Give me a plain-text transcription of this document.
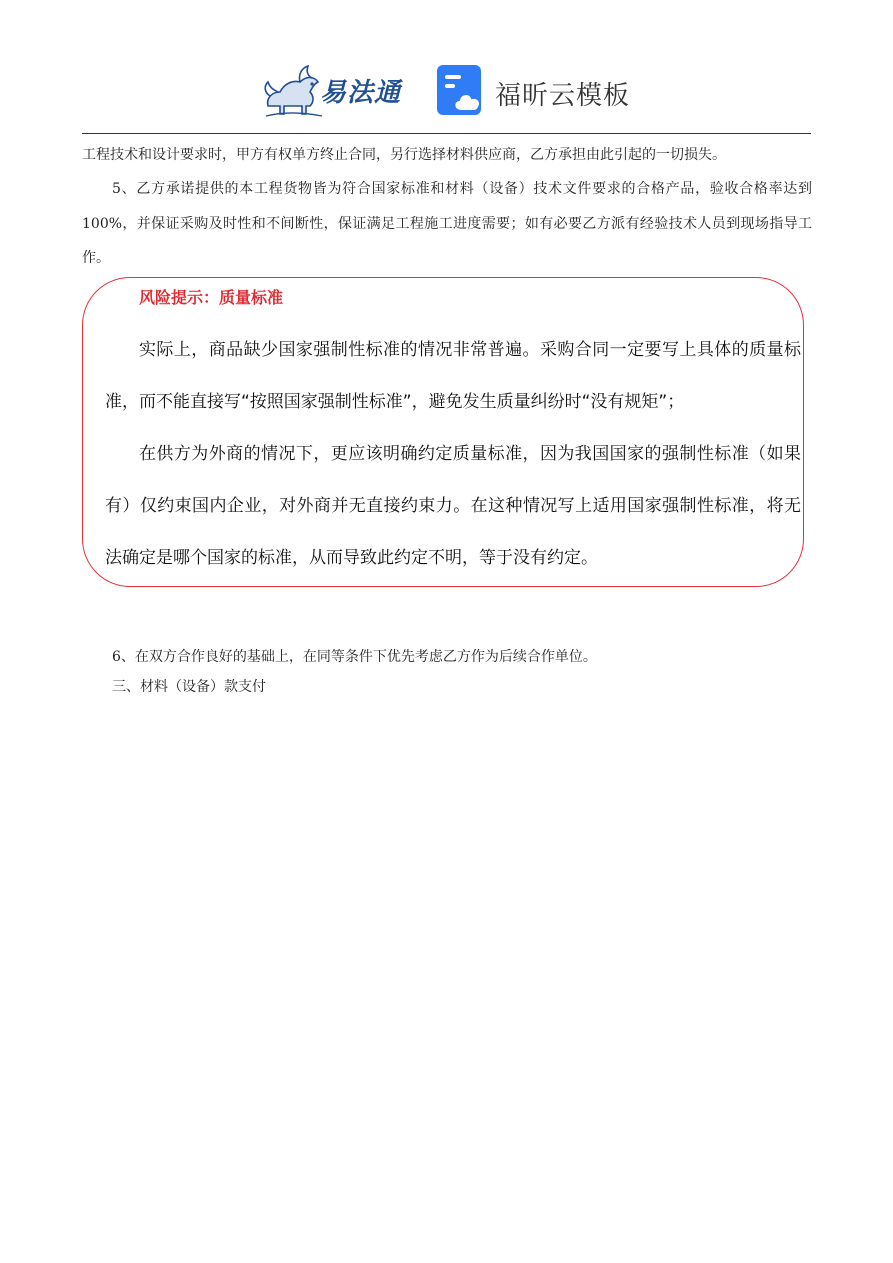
易法通	福昕云模板

工程技术和设计要求时，甲方有权单方终止合同，另行选择材料供应商，乙方承担由此引起的一切损失。

5、乙方承诺提供的本工程货物皆为符合国家标准和材料（设备）技术文件要求的合格产品，验收合格率达到100%，并保证采购及时性和不间断性，保证满足工程施工进度需要；如有必要乙方派有经验技术人员到现场指导工作。

风险提示：质量标准

实际上，商品缺少国家强制性标准的情况非常普遍。采购合同一定要写上具体的质量标准，而不能直接写“按照国家强制性标准”，避免发生质量纠纷时“没有规矩”；

在供方为外商的情况下，更应该明确约定质量标准，因为我国国家的强制性标准（如果有）仅约束国内企业，对外商并无直接约束力。在这种情况写上适用国家强制性标准，将无法确定是哪个国家的标准，从而导致此约定不明，等于没有约定。

6、在双方合作良好的基础上，在同等条件下优先考虑乙方作为后续合作单位。

三、材料（设备）款支付
